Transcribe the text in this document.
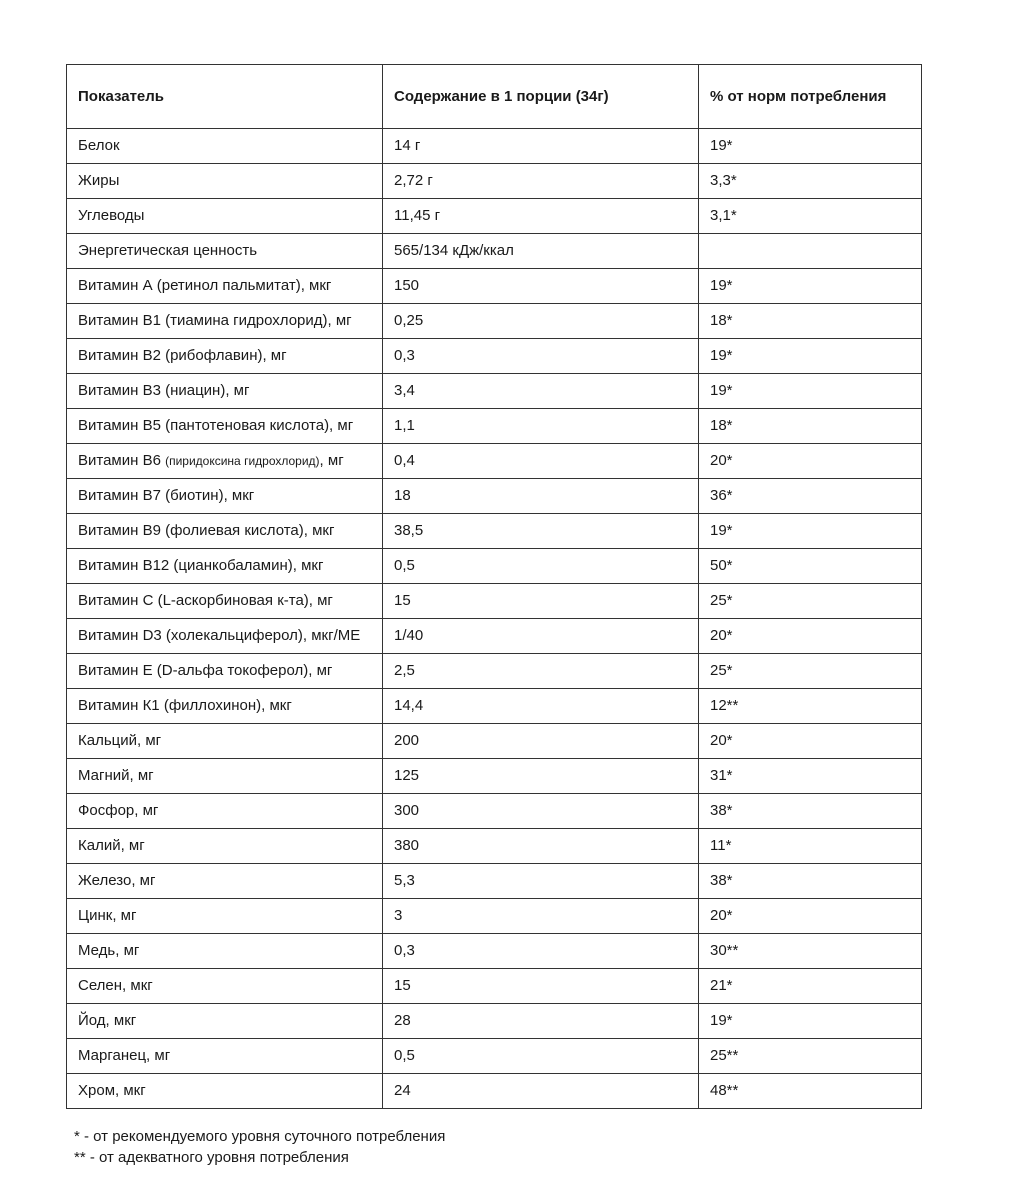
Показатель	Содержание в 1 порции (34г)	% от норм потребления
Белок	14 г	19*
Жиры	2,72 г	3,3*
Углеводы	11,45 г	3,1*
Энергетическая ценность	565/134 кДж/ккал	
Витамин А (ретинол пальмитат), мкг	150	19*
Витамин В1 (тиамина гидрохлорид), мг	0,25	18*
Витамин В2 (рибофлавин), мг	0,3	19*
Витамин В3 (ниацин), мг	3,4	19*
Витамин В5 (пантотеновая кислота), мг	1,1	18*
Витамин В6 (пиридоксина гидрохлорид), мг	0,4	20*
Витамин В7 (биотин), мкг	18	36*
Витамин В9 (фолиевая кислота), мкг	38,5	19*
Витамин В12 (цианкобаламин), мкг	0,5	50*
Витамин С (L-аскорбиновая к-та), мг	15	25*
Витамин D3 (холекальциферол), мкг/МЕ	1/40	20*
Витамин Е (D-альфа токоферол), мг	2,5	25*
Витамин К1 (филлохинон), мкг	14,4	12**
Кальций, мг	200	20*
Магний, мг	125	31*
Фосфор, мг	300	38*
Калий, мг	380	11*
Железо, мг	5,3	38*
Цинк, мг	3	20*
Медь, мг	0,3	30**
Селен, мкг	15	21*
Йод, мкг	28	19*
Марганец, мг	0,5	25**
Хром, мкг	24	48**

* - от рекомендуемого уровня суточного потребления

** - от адекватного уровня потребления
